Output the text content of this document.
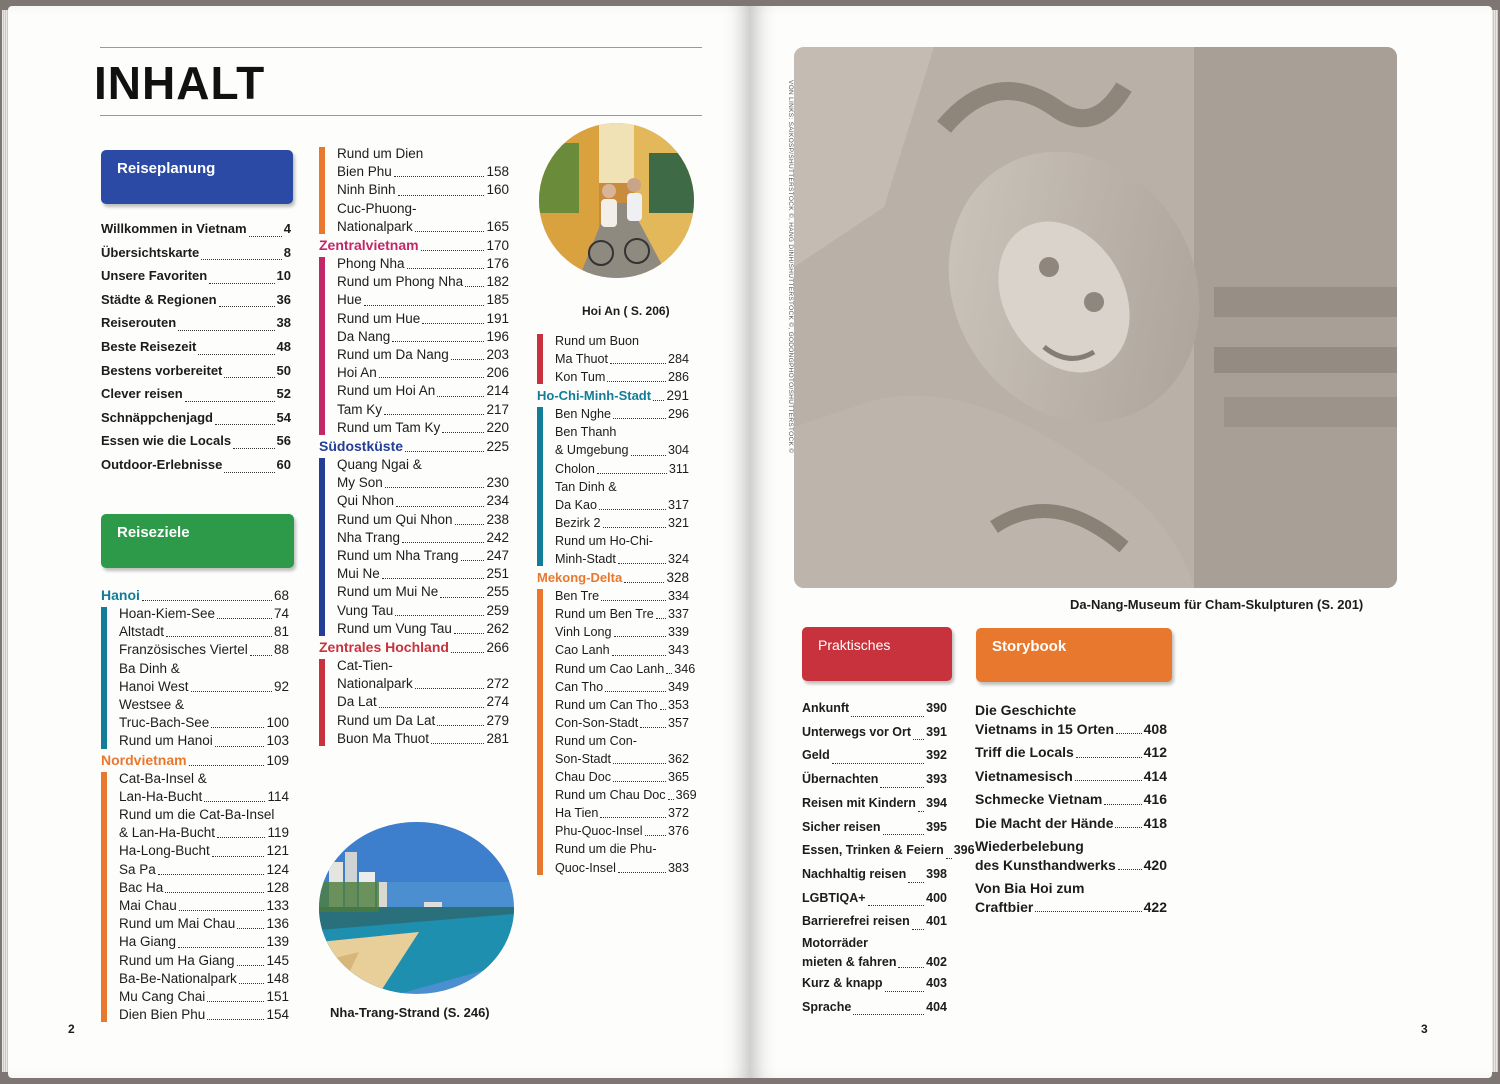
INHALT
Reiseplanung
Reiseziele
Praktisches	Storybook
Willkommen in Vietnam	4
Übersichtskarte	8
Unsere Favoriten	10
Städte & Regionen	36
Reiserouten	38
Beste Reisezeit	48
Bestens vorbereitet	50
Clever reisen	52
Schnäppchenjagd	54
Essen wie die Locals	56
Outdoor-Erlebnisse	60
Hanoi	68
Hoan-Kiem-See	74
Altstadt	81
Französisches Viertel 88
Ba Dinh &
Hanoi West	92
Westsee &
Truc-Bach-See	100
Rund um Hanoi	103
Nordvietnam	109
Cat-Ba-Insel &
Lan-Ha-Bucht	114
Rund um die Cat-Ba-Insel
& Lan-Ha-Bucht	119
Ha-Long-Bucht	121
Sa Pa	124
Bac Ha	128
Mai Chau	133
Rund um Mai Chau 136
Ha Giang	139
Rund um Ha Giang 145
Ba-Be-Nationalpark 148
Mu Cang Chai	151
Dien Bien Phu	154
Rund um Dien
Bien Phu	158
Ninh Binh	160
Cuc-Phuong-
Nationalpark	165
Zentralvietnam	170
Phong Nha	176
Rund um Phong Nha 182
Hue	185
Rund um Hue	191
Da Nang	196
Rund um Da Nang	203
Hoi An	206
Rund um Hoi An	214
Tam Ky	217
Rund um Tam Ky	220
Südostküste	225
Quang Ngai &
My Son	230
Qui Nhon	234
Rund um Qui Nhon	238
Nha Trang	242
Rund um Nha Trang 247
Mui Ne	251
Rund um Mui Ne	255
Vung Tau	259
Rund um Vung Tau	262
Zentrales Hochland	266
Cat-Tien-
Nationalpark	272
Da Lat	274
Rund um Da Lat	279
Buon Ma Thuot	281
Rund um Buon
Ma Thuot	284
Kon Tum	286
Ho-Chi-Minh-Stadt 291
Ben Nghe	296
Ben Thanh
& Umgebung	304
Cholon	311
Tan Dinh &
Da Kao	317
Bezirk 2	321
Rund um Ho-Chi-
Minh-Stadt	324
Mekong-Delta	328
Ben Tre	334
Rund um Ben Tre 337
Vinh Long	339
Cao Lanh	343
Rund um Cao Lanh 346
Can Tho	349
Rund um Can Tho 353
Con-Son-Stadt 357
Rund um Con-
Son-Stadt	362
Chau Doc	365
Rund um Chau Doc 369
Ha Tien	372
Phu-Quoc-Insel 376
Rund um die Phu-
Quoc-Insel	383
Ankunft	390
Unterwegs vor Ort 391
Geld	392
Übernachten	393
Reisen mit Kindern 394
Sicher reisen	395
Essen, Trinken & Feiern 396
Nachhaltig reisen 398
LGBTIQA+	400
Barrierefrei reisen 401
Motorräder
mieten & fahren 402
Kurz & knapp	403
Sprache	404
Die Geschichte
Vietnams in 15 Orten 408
Triff die Locals	412
Vietnamesisch	414
Schmecke Vietnam	416
Die Macht der Hände 418
Wiederbelebung
des Kunsthandwerks 420
Von Bia Hoi zum
Craftbier	422
Hoi An ( S. 206)
Nha-Trang-Strand (S. 246)
Da-Nang-Museum für Cham-Skulpturen (S. 201)
VON LINKS: SAIKOSP/SHUTTERSTOCK ©, HANG DINH/SHUTTERSTOCK ©, GODONGPHOTO/SHUTTERSTOCK ©
2	3
